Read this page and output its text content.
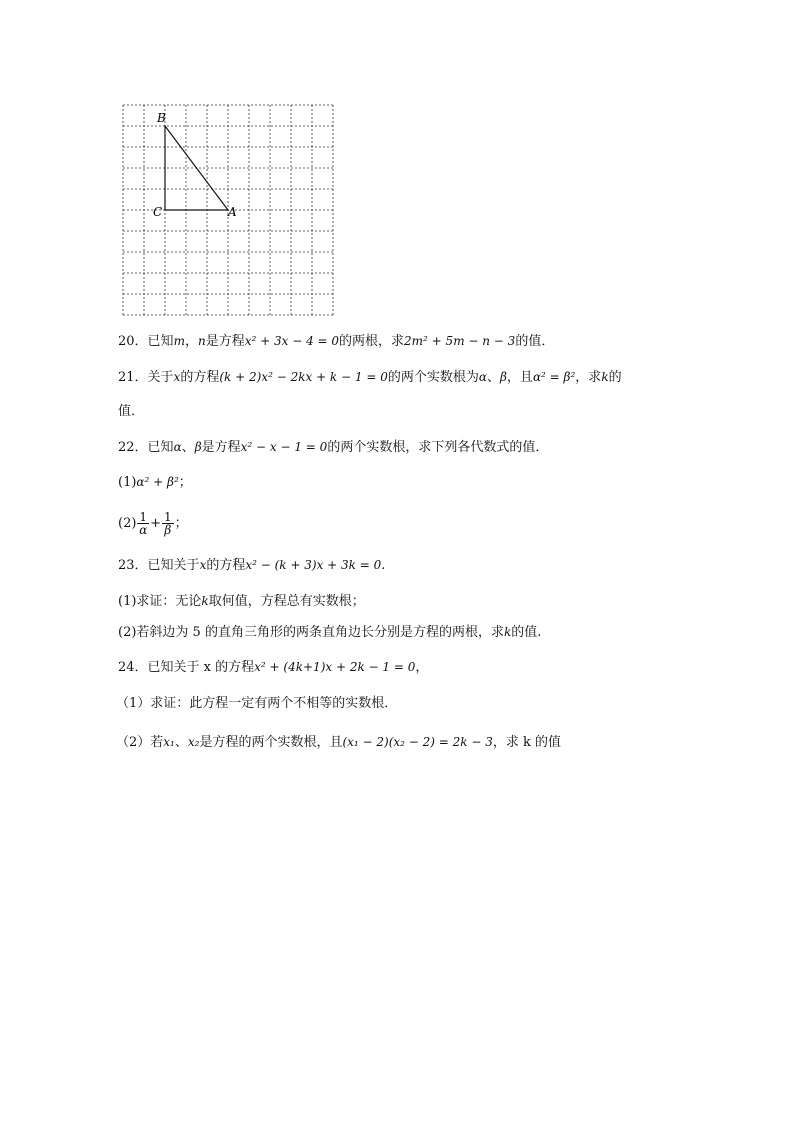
B
C	A
20．已知m，n是方程x² + 3x − 4 = 0的两根，求2m² + 5m − n − 3的值．
21．关于x的方程(k + 2)x² − 2kx + k − 1 = 0的两个实数根为α、β，且α² = β²，求k的
值．
22．已知α、β是方程x² − x − 1 = 0的两个实数根，求下列各代数式的值．
(1)α² + β²；
$(2) \frac{1}{\alpha} + \frac{1}{\beta}$ ；
23．已知关于x的方程x² − (k + 3)x + 3k = 0.
(1)求证：无论k取何值，方程总有实数根；
(2)若斜边为 5 的直角三角形的两条直角边长分别是方程的两根，求k的值.
24．已知关于 x 的方程x² + (4k+1)x + 2k − 1 = 0，
（1）求证：此方程一定有两个不相等的实数根．
（2）若x₁、x₂是方程的两个实数根，且(x₁ − 2)(x₂ − 2) = 2k − 3，求 k 的值
